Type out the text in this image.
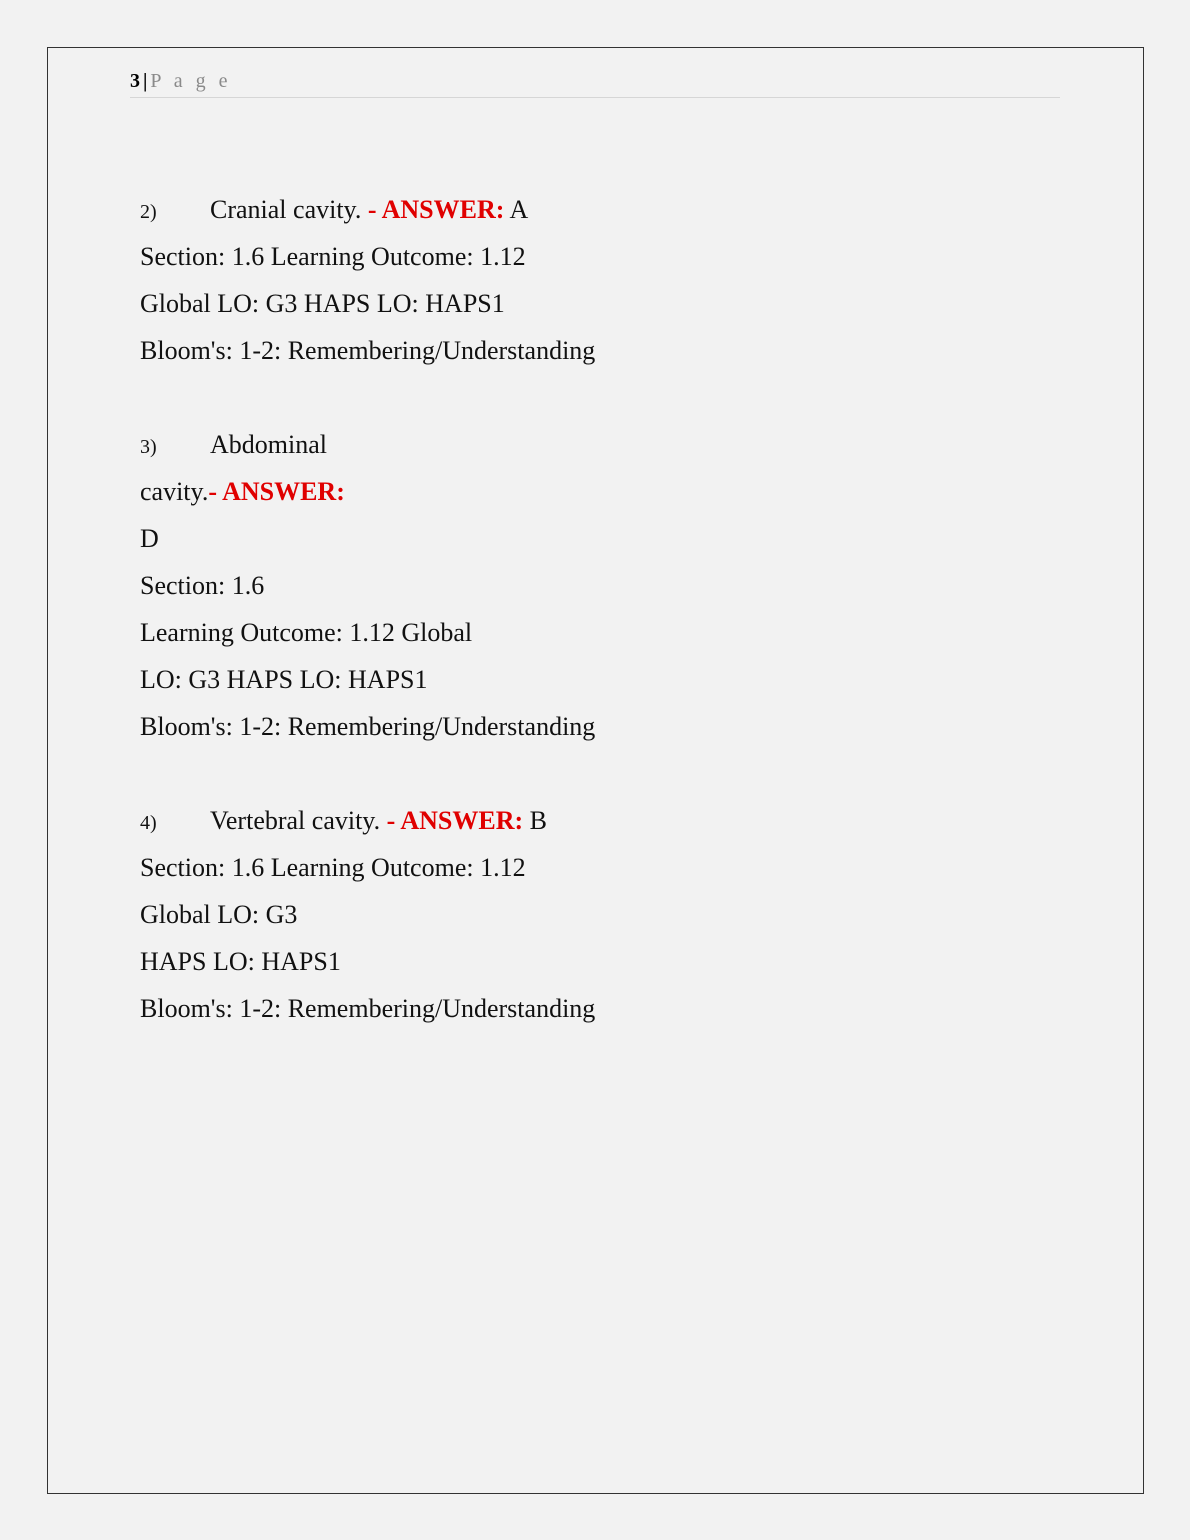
3 | P a g e
2) Cranial cavity. - ANSWER: A
Section: 1.6 Learning Outcome: 1.12
Global LO: G3 HAPS LO: HAPS1
Bloom's: 1-2: Remembering/Understanding
3) Abdominal
cavity.- ANSWER:
D
Section: 1.6
Learning Outcome: 1.12 Global
LO: G3 HAPS LO: HAPS1
Bloom's: 1-2: Remembering/Understanding
4) Vertebral cavity. - ANSWER: B
Section: 1.6 Learning Outcome: 1.12
Global LO: G3
HAPS LO: HAPS1
Bloom's: 1-2: Remembering/Understanding
